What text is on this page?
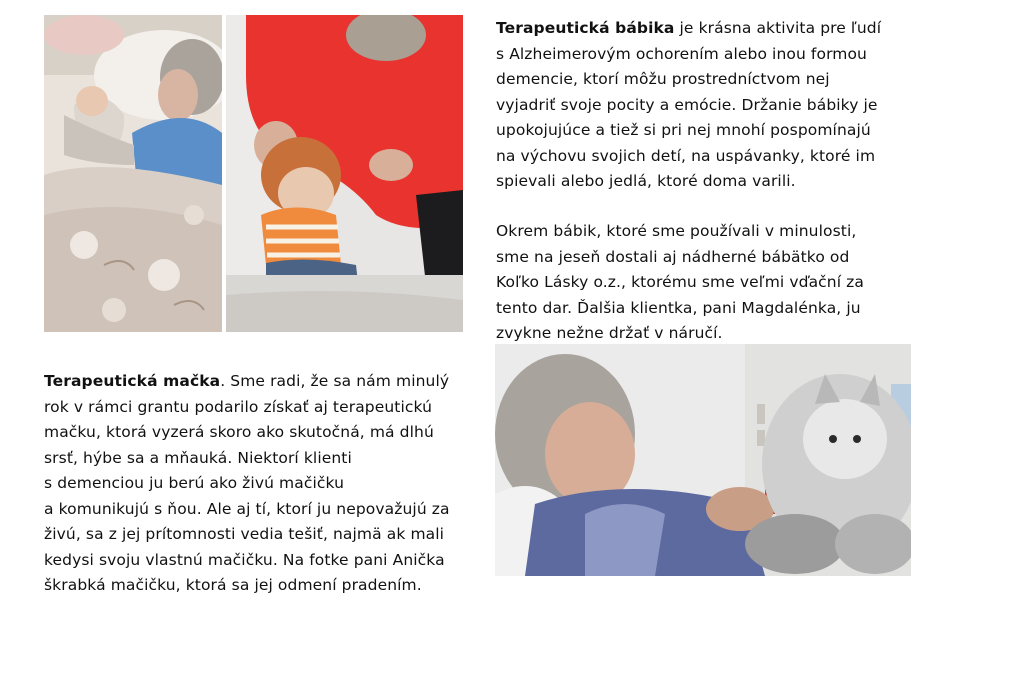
Terapeutická bábika je krásna aktivita pre ľudí
s Alzheimerovým ochorením alebo inou formou
demencie, ktorí môžu prostredníctvom nej
vyjadriť svoje pocity a emócie. Držanie bábiky je
upokojujúce a tiež si pri nej mnohí pospomínajú
na výchovu svojich detí, na uspávanky, ktoré im
spievali alebo jedlá, ktoré doma varili.
Okrem bábik, ktoré sme používali v minulosti,
sme na jeseň dostali aj nádherné bábätko od
Koľko Lásky o.z., ktorému sme veľmi vďační za
tento dar. Ďalšia klientka, pani Magdalénka, ju
zvykne nežne držať v náručí.
Terapeutická mačka. Sme radi, že sa nám minulý
rok v rámci grantu podarilo získať aj terapeutickú
mačku, ktorá vyzerá skoro ako skutočná, má dlhú
srsť, hýbe sa a mňauká. Niektorí klienti
s demenciou ju berú ako živú mačičku
a komunikujú s ňou. Ale aj tí, ktorí ju nepovažujú za
živú, sa z jej prítomnosti vedia tešiť, najmä ak mali
kedysi svoju vlastnú mačičku. Na fotke pani Anička
škrabká mačičku, ktorá sa jej odmení pradením.
